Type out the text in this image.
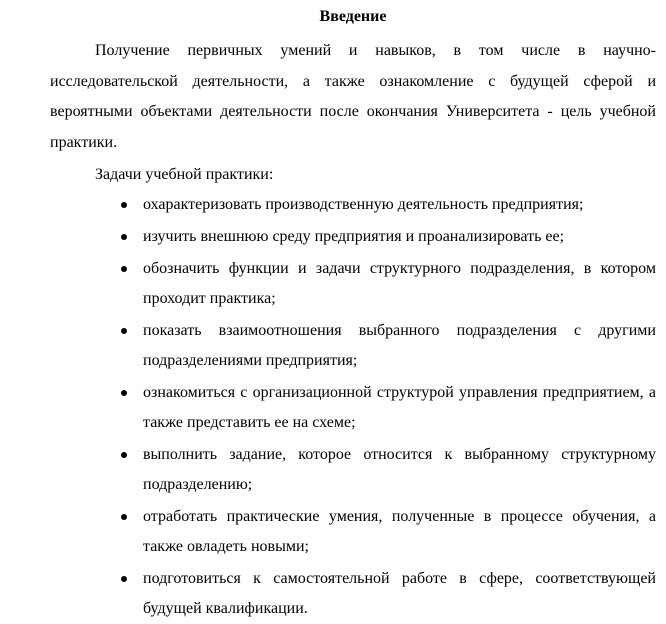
Введение

Получение первичных умений и навыков, в том числе в научно-исследовательской деятельности, а также ознакомление с будущей сферой и вероятными объектами деятельности после окончания Университета - цель учебной практики.

Задачи учебной практики:
охарактеризовать производственную деятельность предприятия;
изучить внешнюю среду предприятия и проанализировать ее;
обозначить функции и задачи структурного подразделения, в котором проходит практика;
показать взаимоотношения выбранного подразделения с другими подразделениями предприятия;
ознакомиться с организационной структурой управления предприятием, а также представить ее на схеме;
выполнить задание, которое относится к выбранному структурному подразделению;
отработать практические умения, полученные в процессе обучения, а также овладеть новыми;
подготовиться к самостоятельной работе в сфере, соответствующей будущей квалификации.
